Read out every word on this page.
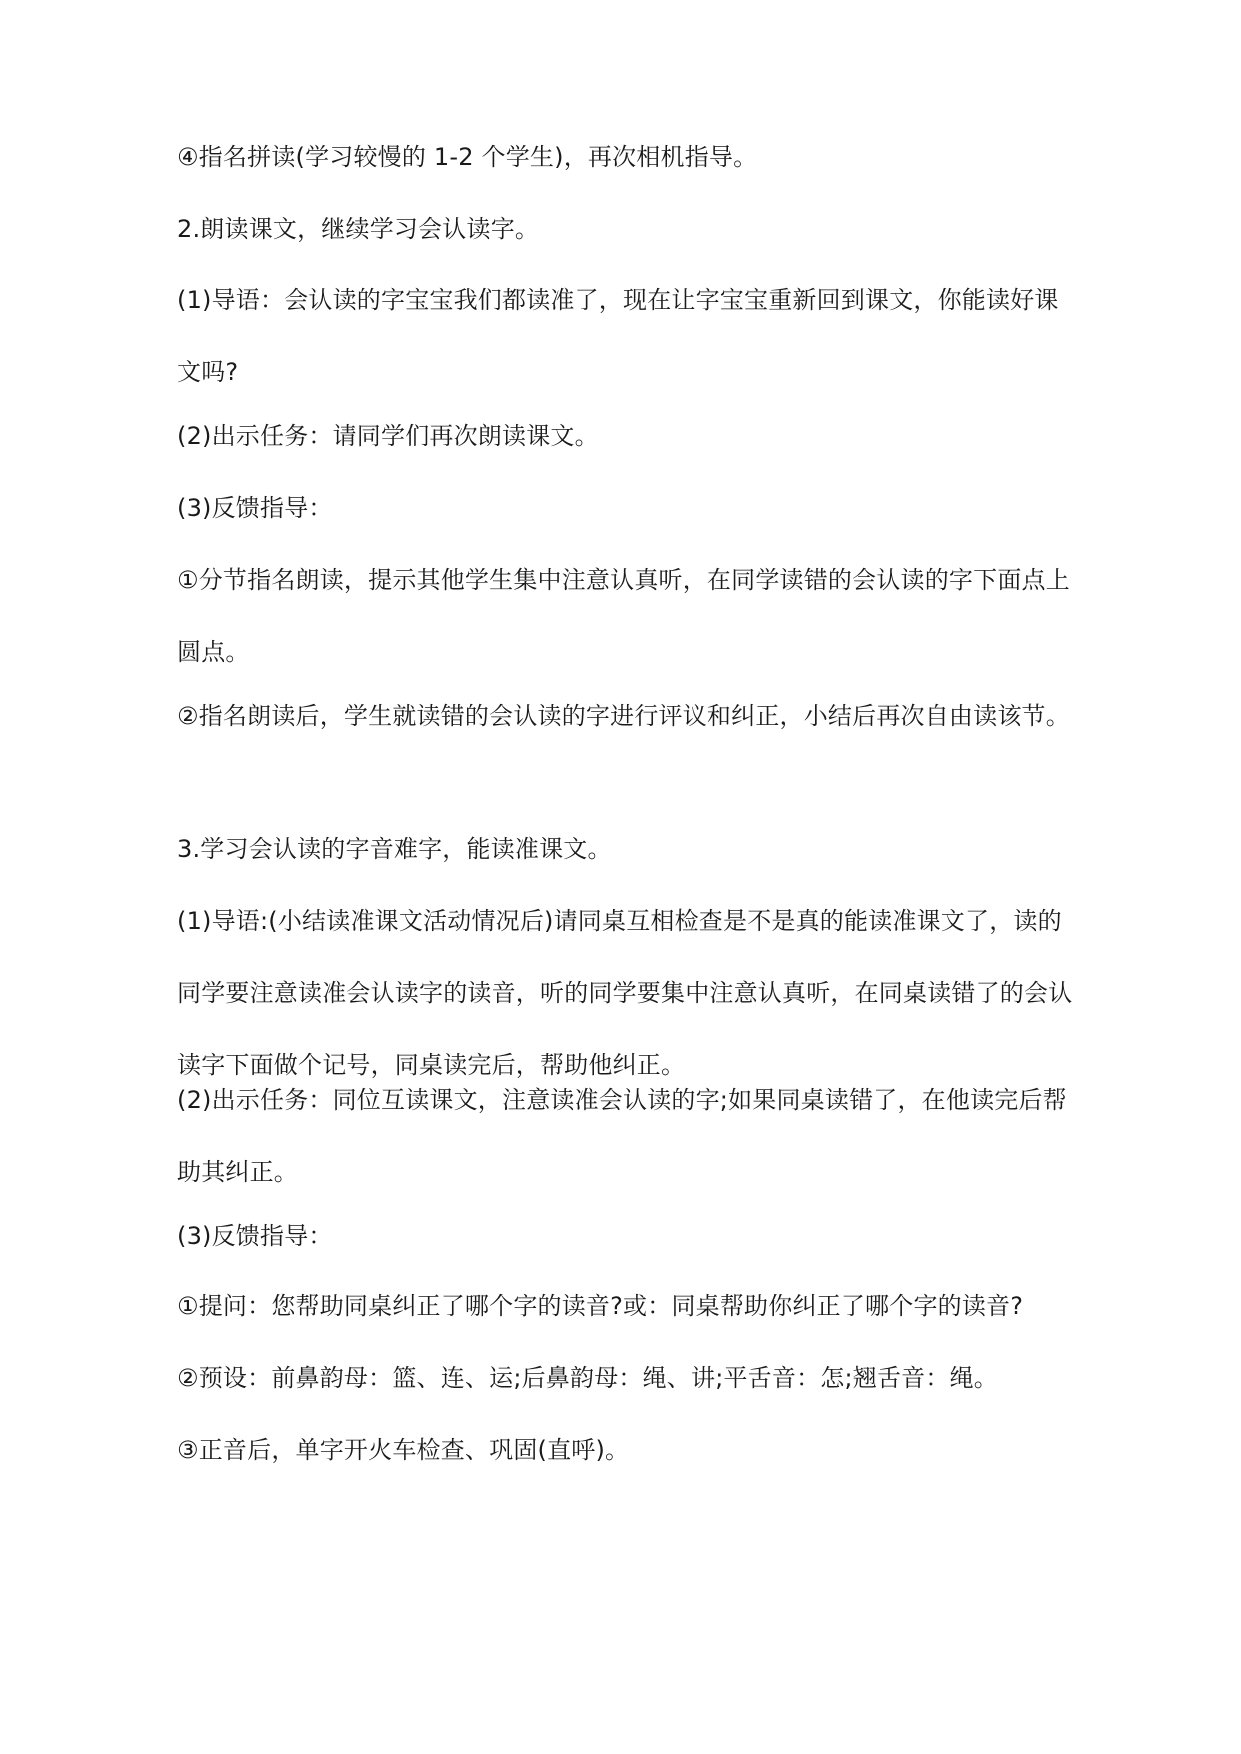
④指名拼读(学习较慢的 1-2 个学生)，再次相机指导。

2.朗读课文，继续学习会认读字。

(1)导语：会认读的字宝宝我们都读准了，现在让字宝宝重新回到课文，你能读好课文吗?

(2)出示任务：请同学们再次朗读课文。

(3)反馈指导：

①分节指名朗读，提示其他学生集中注意认真听，在同学读错的会认读的字下面点上圆点。

②指名朗读后，学生就读错的会认读的字进行评议和纠正，小结后再次自由读该节。

3.学习会认读的字音难字，能读准课文。

(1)导语:(小结读准课文活动情况后)请同桌互相检查是不是真的能读准课文了，读的同学要注意读准会认读字的读音，听的同学要集中注意认真听，在同桌读错了的会认读字下面做个记号，同桌读完后，帮助他纠正。

(2)出示任务：同位互读课文，注意读准会认读的字;如果同桌读错了，在他读完后帮助其纠正。

(3)反馈指导：

①提问：您帮助同桌纠正了哪个字的读音?或：同桌帮助你纠正了哪个字的读音?

②预设：前鼻韵母：篮、连、运;后鼻韵母：绳、讲;平舌音：怎;翘舌音：绳。

③正音后，单字开火车检查、巩固(直呼)。
